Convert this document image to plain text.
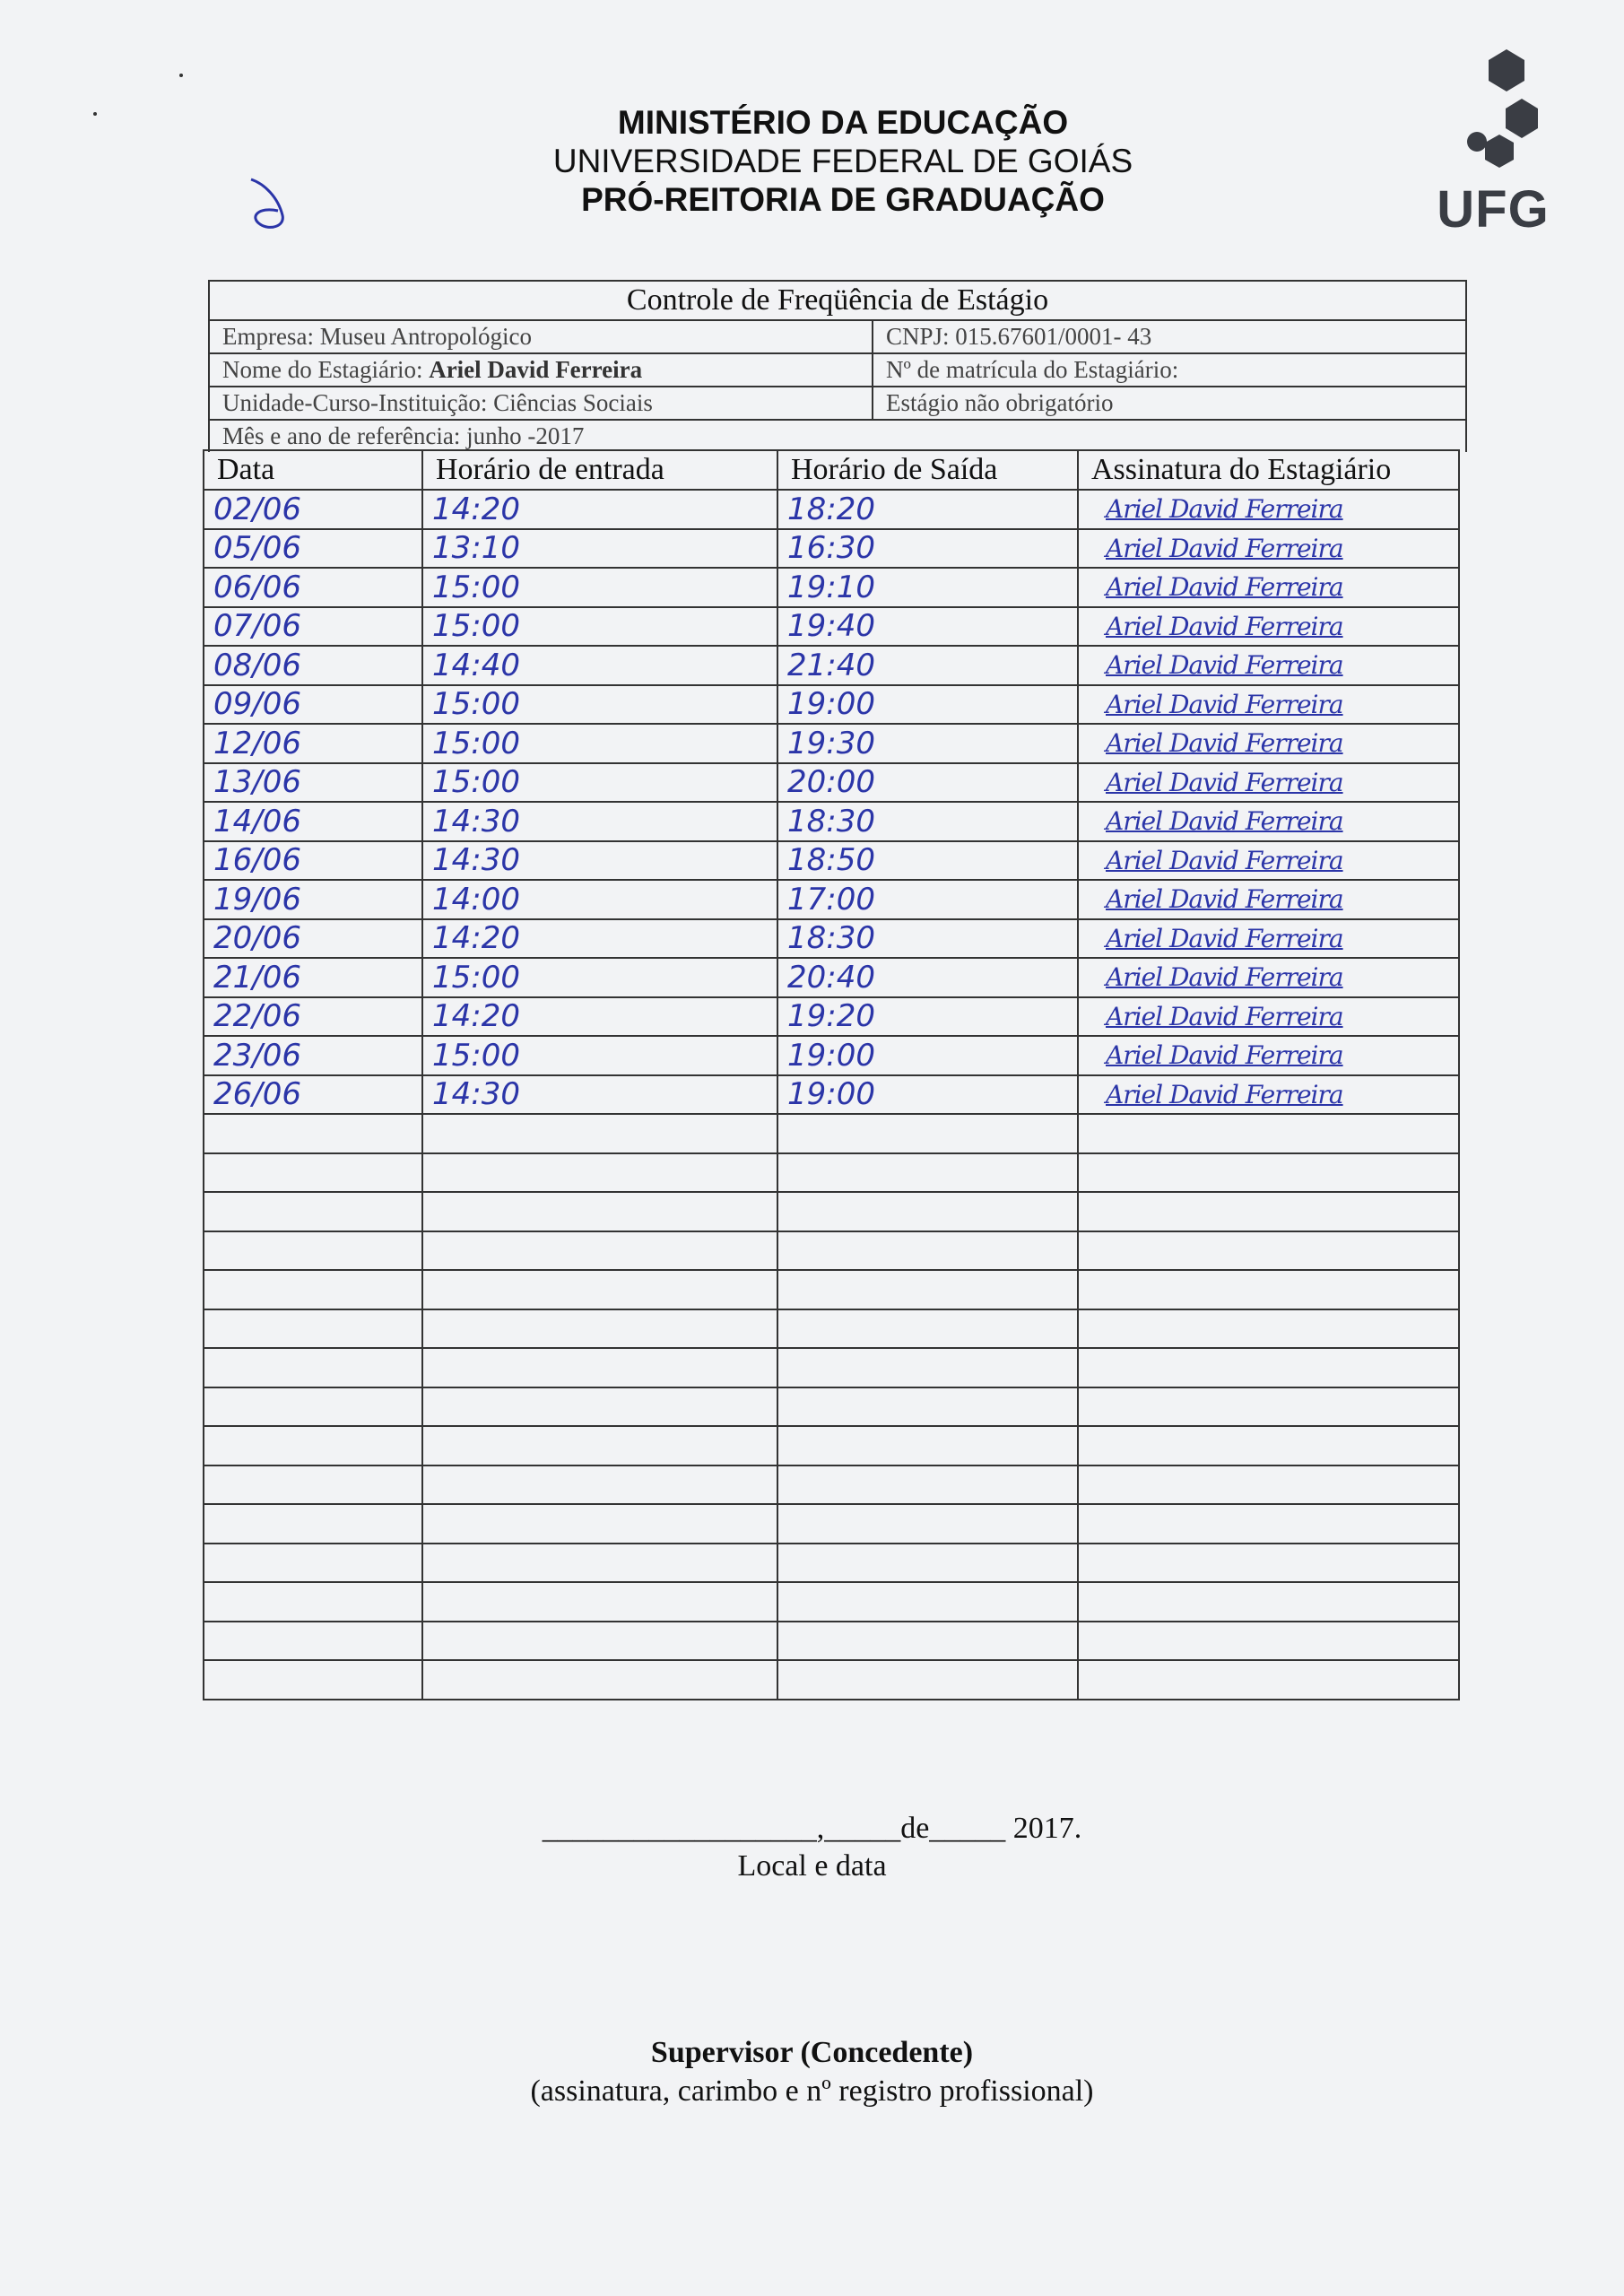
MINISTÉRIO DA EDUCAÇÃO
UNIVERSIDADE FEDERAL DE GOIÁS
PRÓ-REITORIA DE GRADUAÇÃO	UFG
Controle de Freqüência de Estágio
Empresa: Museu Antropológico	CNPJ: 015.67601/0001- 43
Nome do Estagiário: Ariel David Ferreira	Nº de matrícula do Estagiário:
Unidade-Curso-Instituição: Ciências Sociais	Estágio não obrigatório
Mês e ano de referência: junho -2017
Data	Horário de entrada	Horário de Saída	Assinatura do Estagiário
02/06	14:20	18:20	Ariel David Ferreira
05/06	13:10	16:30	Ariel David Ferreira
06/06	15:00	19:10	Ariel David Ferreira
07/06	15:00	19:40	Ariel David Ferreira
08/06	14:40	21:40	Ariel David Ferreira
09/06	15:00	19:00	Ariel David Ferreira
12/06	15:00	19:30	Ariel David Ferreira
13/06	15:00	20:00	Ariel David Ferreira
14/06	14:30	18:30	Ariel David Ferreira
16/06	14:30	18:50	Ariel David Ferreira
19/06	14:00	17:00	Ariel David Ferreira
20/06	14:20	18:30	Ariel David Ferreira
21/06	15:00	20:40	Ariel David Ferreira
22/06	14:20	19:20	Ariel David Ferreira
23/06	15:00	19:00	Ariel David Ferreira
26/06	14:30	19:00	Ariel David Ferreira

__________________,_____de_____ 2017.
Local e data
Supervisor (Concedente)
(assinatura, carimbo e nº registro profissional)
